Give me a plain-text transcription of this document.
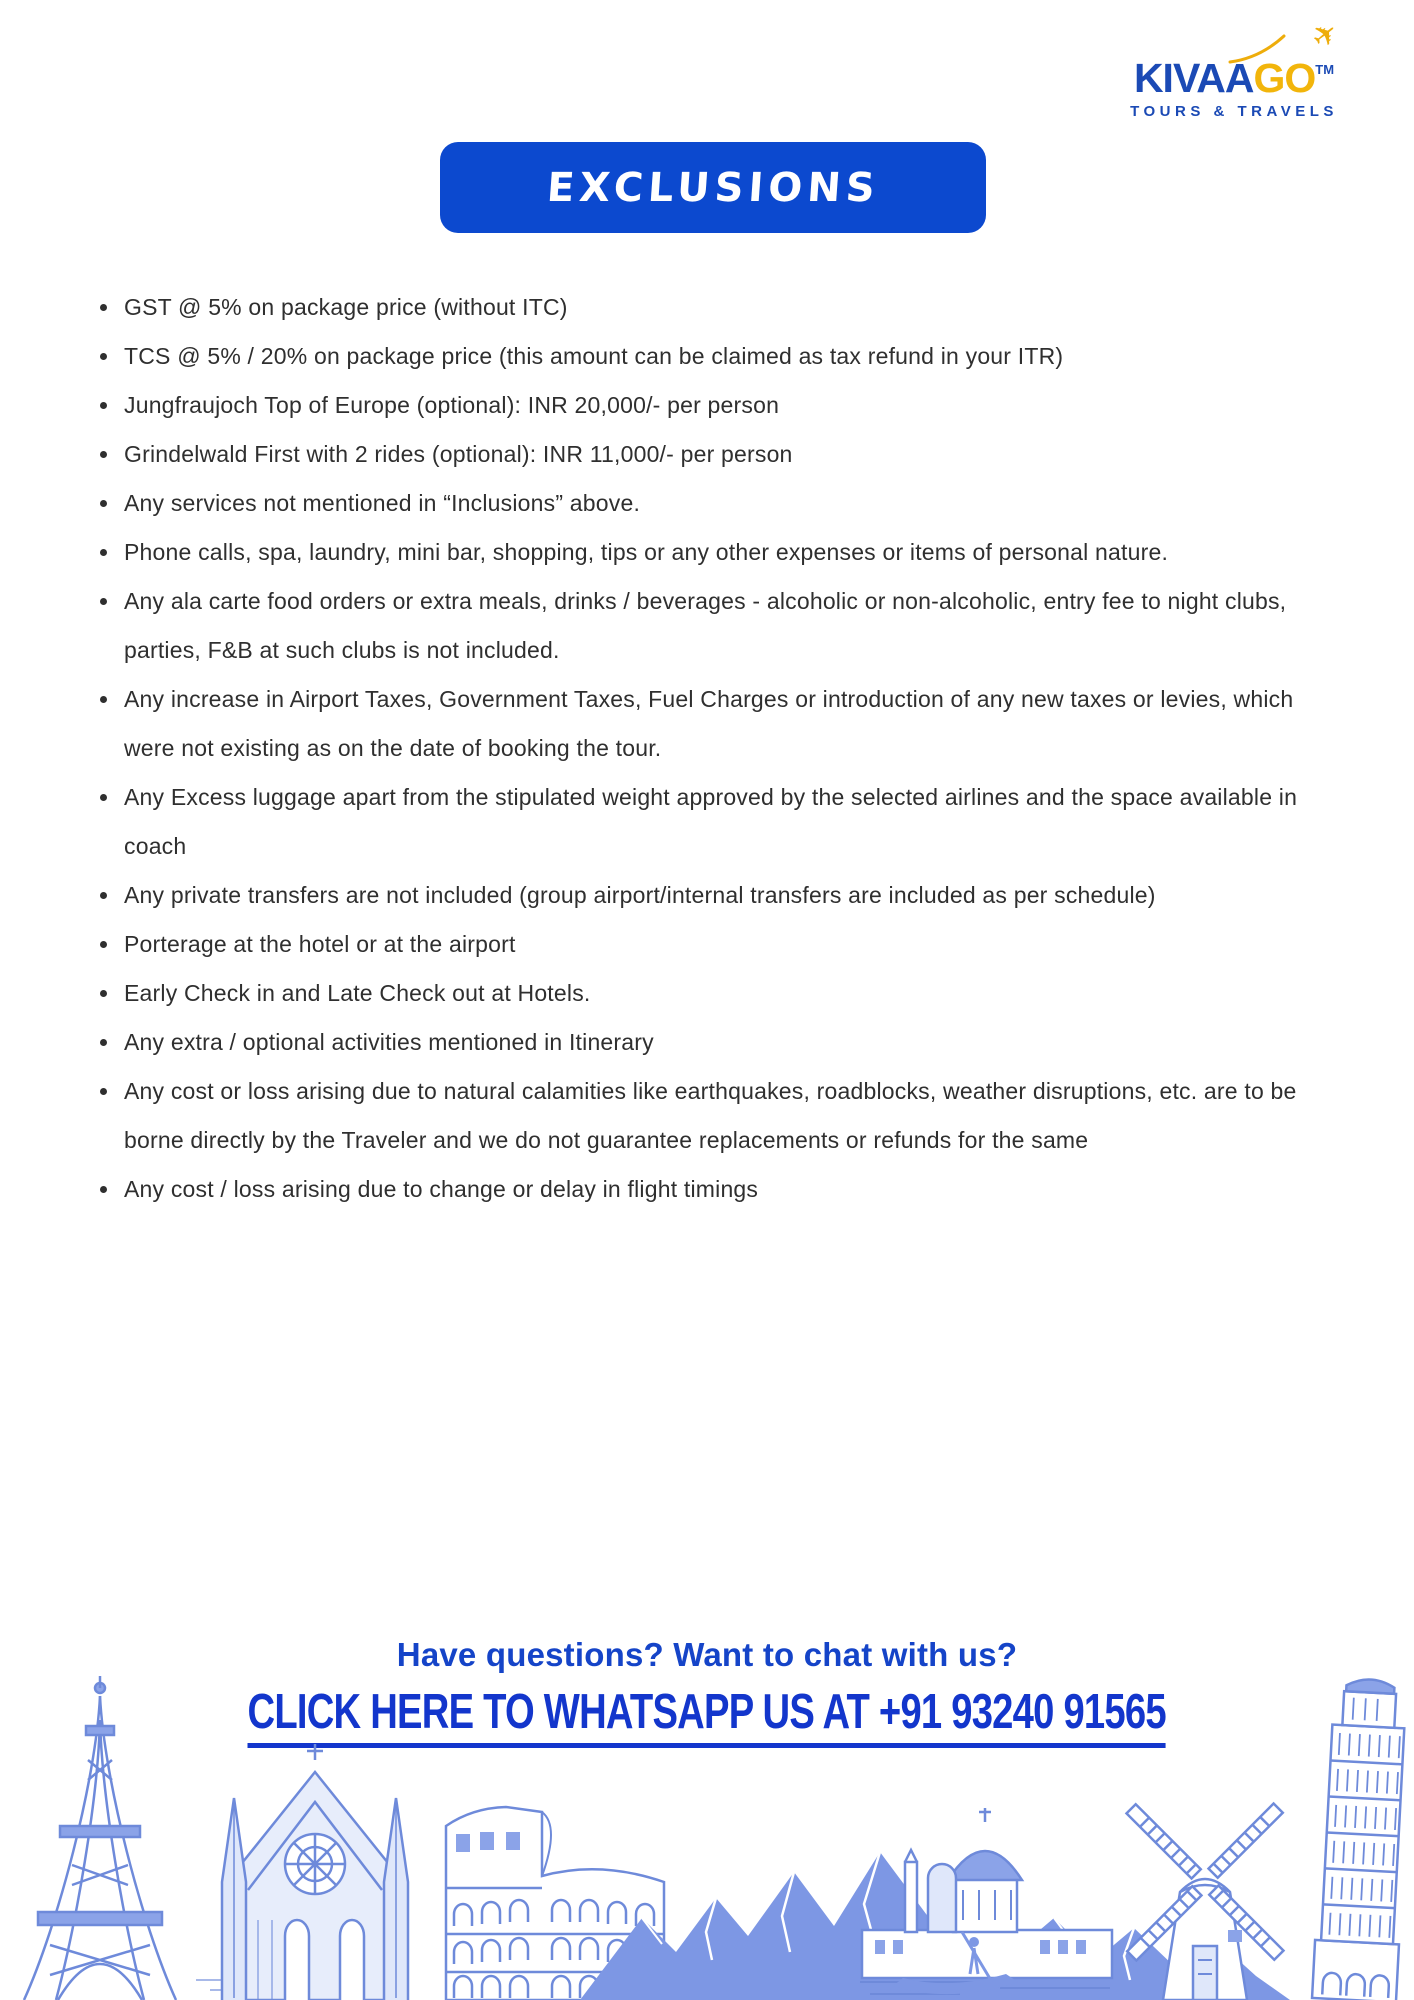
✈
KIVAAGO™
TOURS & TRAVELS
EXCLUSIONS
GST @ 5% on package price (without ITC)
TCS @ 5% / 20% on package price (this amount can be claimed as tax refund in your ITR)
Jungfraujoch Top of Europe (optional): INR 20,000/- per person
Grindelwald First with 2 rides (optional): INR 11,000/- per person
Any services not mentioned in “Inclusions” above.
Phone calls, spa, laundry, mini bar, shopping, tips or any other expenses or items of personal nature.
Any ala carte food orders or extra meals, drinks / beverages - alcoholic or non-alcoholic, entry fee to night clubs, parties, F&B at such clubs is not included.
Any increase in Airport Taxes, Government Taxes, Fuel Charges or introduction of any new taxes or levies, which were not existing as on the date of booking the tour.
Any Excess luggage apart from the stipulated weight approved by the selected airlines and the space available in coach
Any private transfers are not included (group airport/internal transfers are included as per schedule)
Porterage at the hotel or at the airport
Early Check in and Late Check out at Hotels.
Any extra / optional activities mentioned in Itinerary
Any cost or loss arising due to natural calamities like earthquakes, roadblocks, weather disruptions, etc. are to be borne directly by the Traveler and we do not guarantee replacements or refunds for the same
Any cost / loss arising due to change or delay in flight timings
Have questions? Want to chat with us?
CLICK HERE TO WHATSAPP US AT +91 93240 91565
